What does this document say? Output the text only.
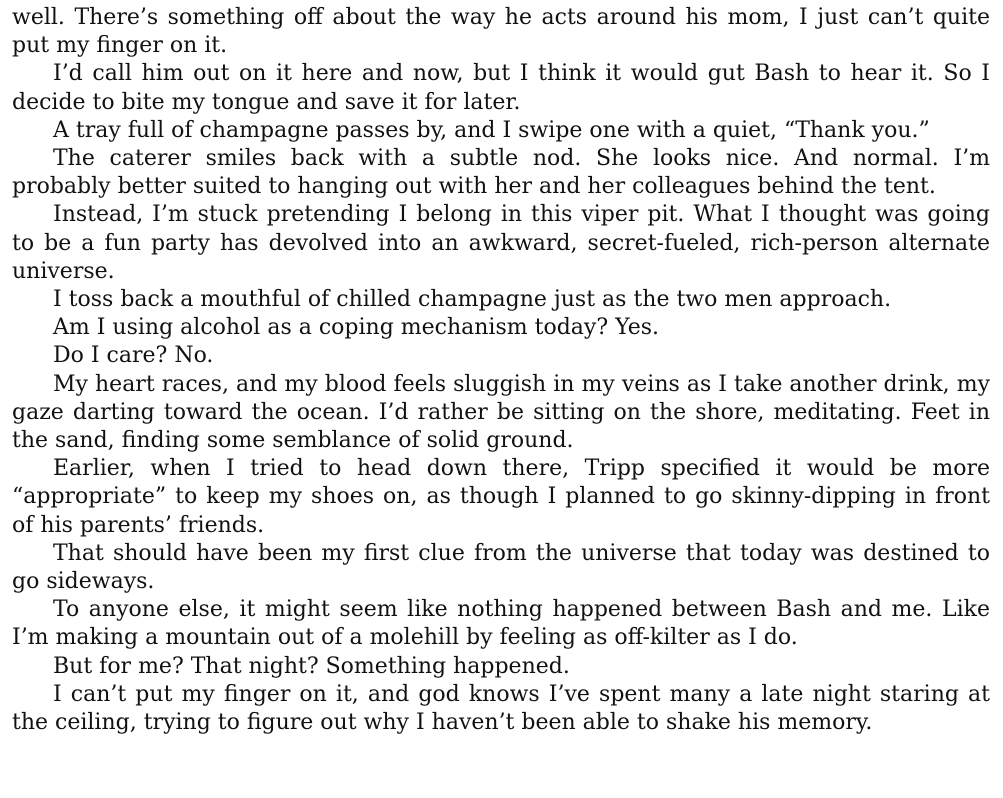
well. There’s something off about the way he acts around his mom, I just can’t quite put my finger on it.

I’d call him out on it here and now, but I think it would gut Bash to hear it. So I decide to bite my tongue and save it for later.

A tray full of champagne passes by, and I swipe one with a quiet, “Thank you.”

The caterer smiles back with a subtle nod. She looks nice. And normal. I’m probably better suited to hanging out with her and her colleagues behind the tent.

Instead, I’m stuck pretending I belong in this viper pit. What I thought was going to be a fun party has devolved into an awkward, secret-fueled, rich-person alternate universe.

I toss back a mouthful of chilled champagne just as the two men approach.

Am I using alcohol as a coping mechanism today? Yes.

Do I care? No.

My heart races, and my blood feels sluggish in my veins as I take another drink, my gaze darting toward the ocean. I’d rather be sitting on the shore, meditating. Feet in the sand, finding some semblance of solid ground.

Earlier, when I tried to head down there, Tripp specified it would be more “appropriate” to keep my shoes on, as though I planned to go skinny-dipping in front of his parents’ friends.

That should have been my first clue from the universe that today was destined to go sideways.

To anyone else, it might seem like nothing happened between Bash and me. Like I’m making a mountain out of a molehill by feeling as off-kilter as I do.

But for me? That night? Something happened.

I can’t put my finger on it, and god knows I’ve spent many a late night staring at the ceiling, trying to figure out why I haven’t been able to shake his memory.
